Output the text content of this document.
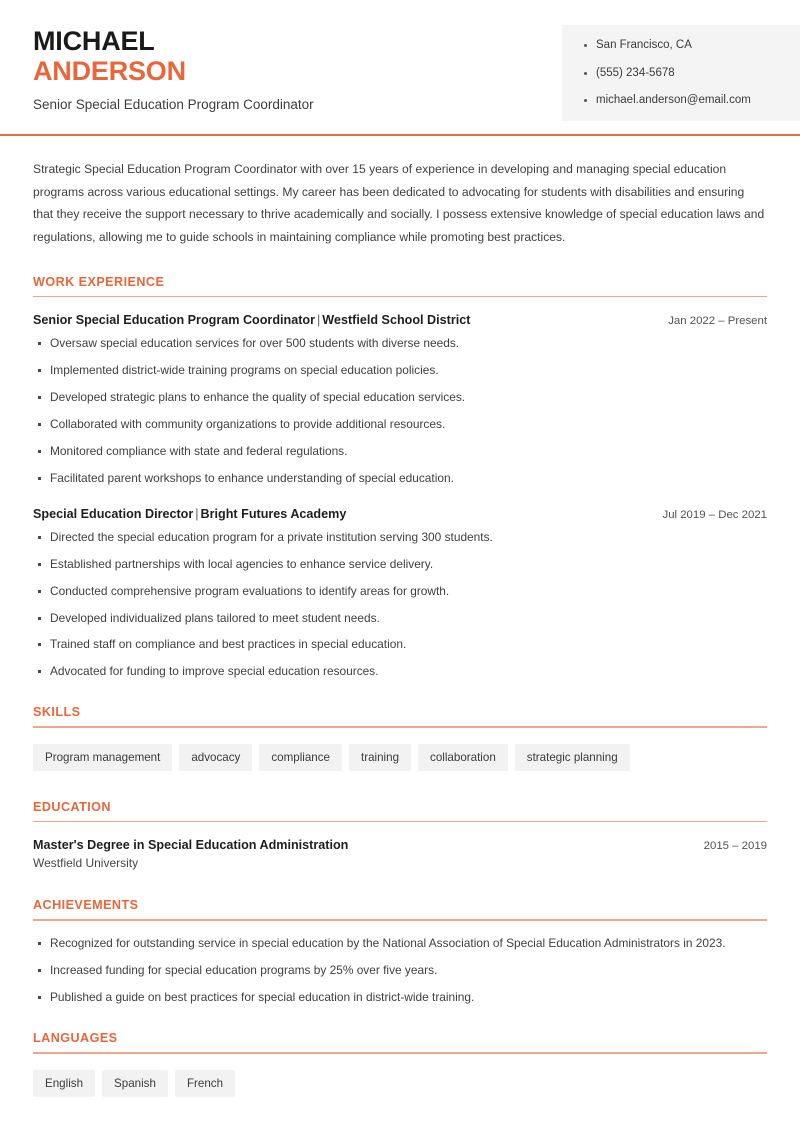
MICHAEL
ANDERSON
Senior Special Education Program Coordinator
San Francisco, CA
(555) 234-5678
michael.anderson@email.com

Strategic Special Education Program Coordinator with over 15 years of experience in developing and managing special education programs across various educational settings. My career has been dedicated to advocating for students with disabilities and ensuring that they receive the support necessary to thrive academically and socially. I possess extensive knowledge of special education laws and regulations, allowing me to guide schools in maintaining compliance while promoting best practices.

WORK EXPERIENCE
Senior Special Education Program Coordinator | Westfield School District	Jan 2022 – Present
Oversaw special education services for over 500 students with diverse needs.
Implemented district-wide training programs on special education policies.
Developed strategic plans to enhance the quality of special education services.
Collaborated with community organizations to provide additional resources.
Monitored compliance with state and federal regulations.
Facilitated parent workshops to enhance understanding of special education.
Special Education Director | Bright Futures Academy	Jul 2019 – Dec 2021
Directed the special education program for a private institution serving 300 students.
Established partnerships with local agencies to enhance service delivery.
Conducted comprehensive program evaluations to identify areas for growth.
Developed individualized plans tailored to meet student needs.
Trained staff on compliance and best practices in special education.
Advocated for funding to improve special education resources.
SKILLS
Program management	advocacy	compliance	training	collaboration	strategic planning
EDUCATION
Master's Degree in Special Education Administration	2015 – 2019
Westfield University
ACHIEVEMENTS
Recognized for outstanding service in special education by the National Association of Special Education Administrators in 2023.
Increased funding for special education programs by 25% over five years.
Published a guide on best practices for special education in district-wide training.
LANGUAGES
English	Spanish	French
